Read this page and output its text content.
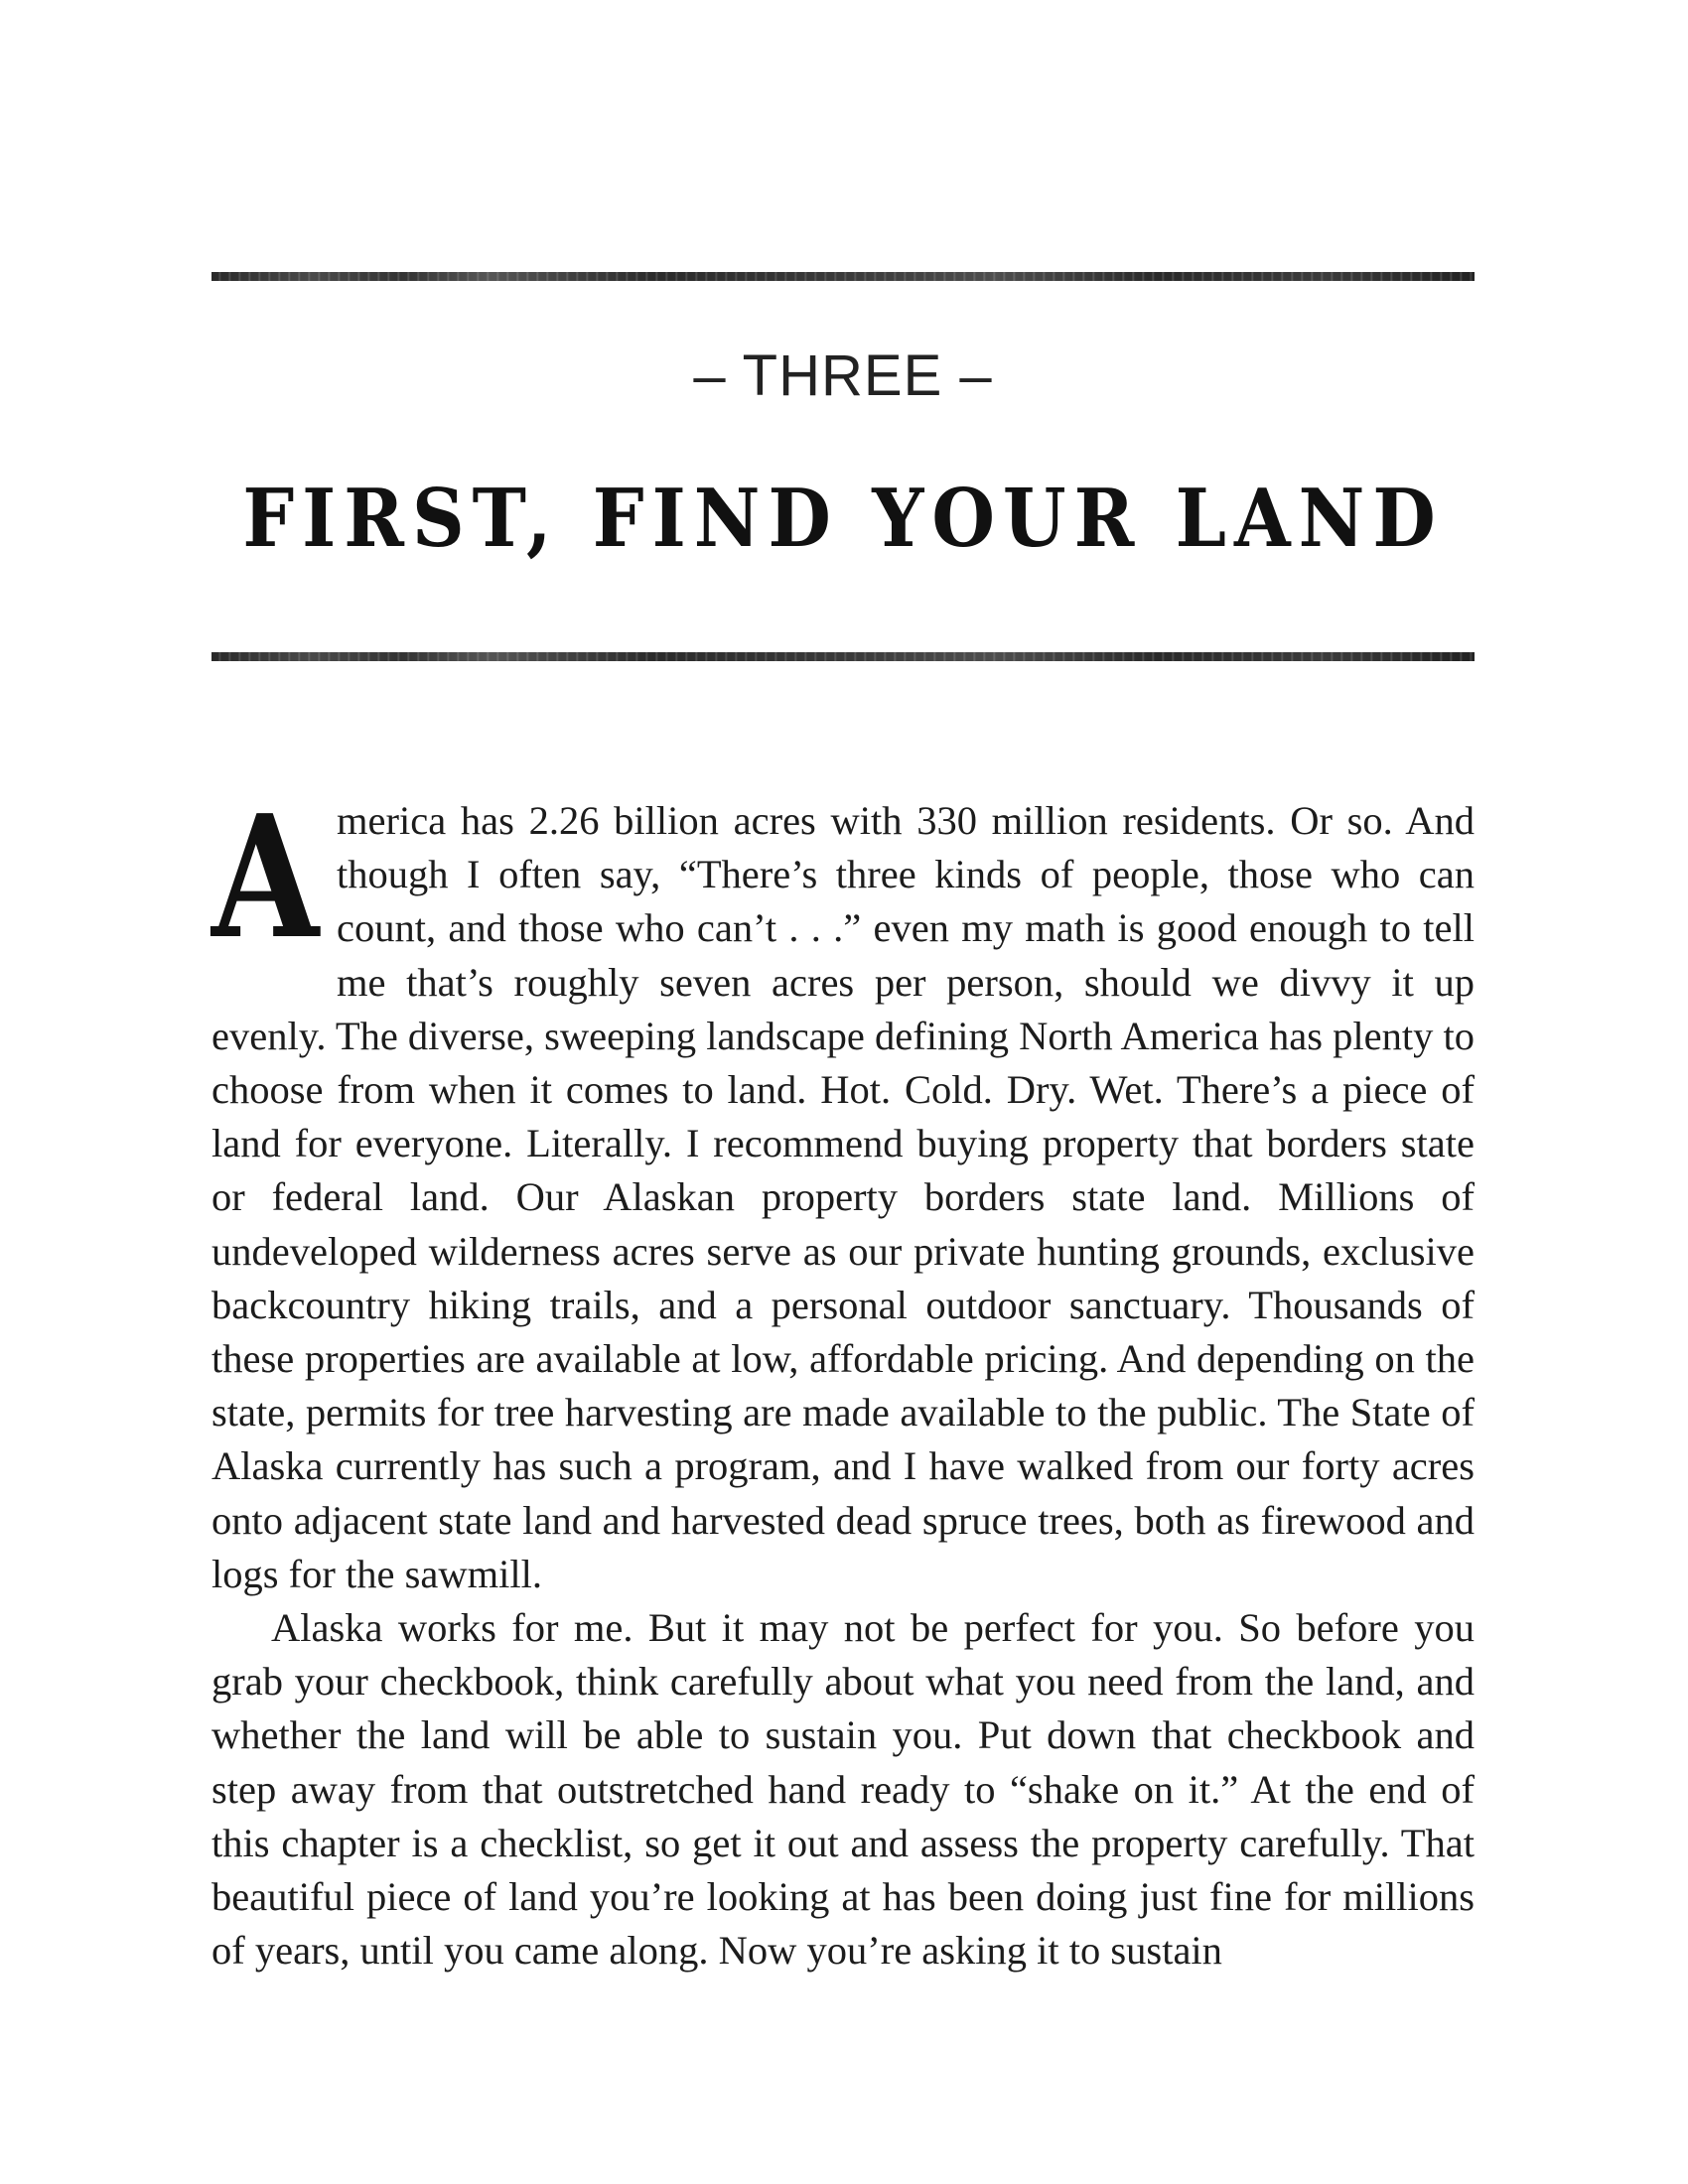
– THREE –
FIRST, FIND YOUR LAND

America has 2.26 billion acres with 330 million residents. Or so. And though I often say, “There’s three kinds of people, those who can count, and those who can’t . . .” even my math is good enough to tell me that’s roughly seven acres per person, should we divvy it up evenly. The diverse, sweeping landscape defining North America has plenty to choose from when it comes to land. Hot. Cold. Dry. Wet. There’s a piece of land for everyone. Literally. I recommend buying property that borders state or federal land. Our Alaskan property borders state land. Millions of undeveloped wilderness acres serve as our private hunting grounds, exclusive backcountry hiking trails, and a personal outdoor sanctuary. Thousands of these properties are available at low, affordable pricing. And depending on the state, permits for tree harvesting are made available to the public. The State of Alaska currently has such a program, and I have walked from our forty acres onto adjacent state land and harvested dead spruce trees, both as firewood and logs for the sawmill.

Alaska works for me. But it may not be perfect for you. So before you grab your checkbook, think carefully about what you need from the land, and whether the land will be able to sustain you. Put down that checkbook and step away from that outstretched hand ready to “shake on it.” At the end of this chapter is a checklist, so get it out and assess the property carefully. That beautiful piece of land you’re looking at has been doing just fine for millions of years, until you came along. Now you’re asking it to sustain
